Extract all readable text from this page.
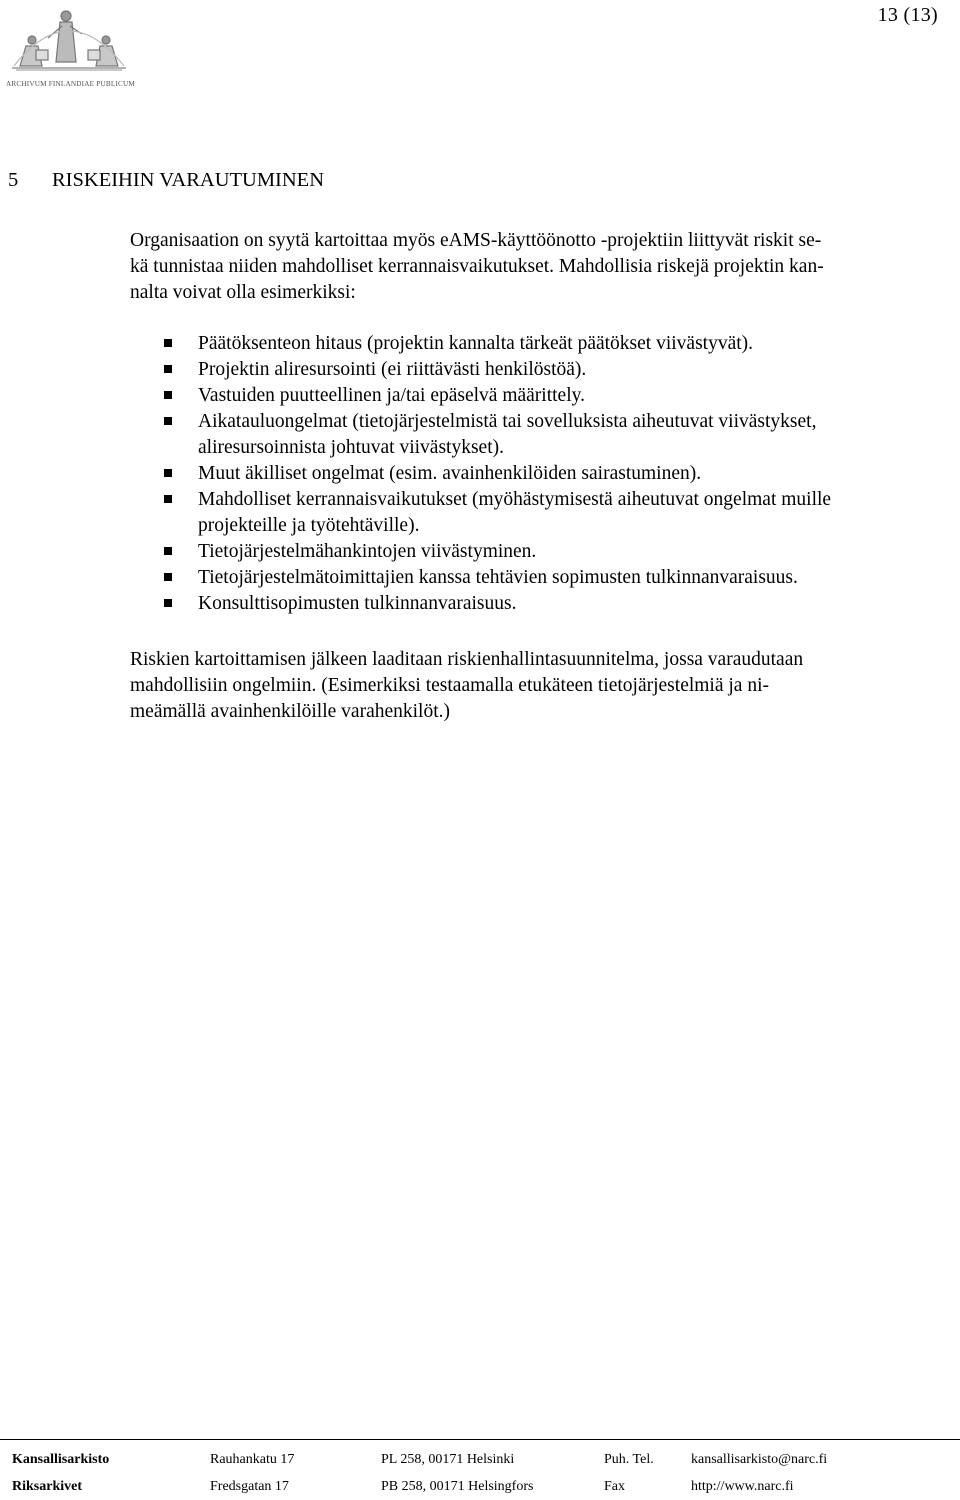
ARCHIVUM FINLANDIAE PUBLICUM
13 (13)
5 RISKEIHIN VARAUTUMINEN

Organisaation on syytä kartoittaa myös eAMS-käyttöönotto -projektiin liittyvät riskit se-
kä tunnistaa niiden mahdolliset kerrannaisvaikutukset. Mahdollisia riskejä projektin kan-
nalta voivat olla esimerkiksi:

Päätöksenteon hitaus (projektin kannalta tärkeät päätökset viivästyvät).
Projektin aliresursointi (ei riittävästi henkilöstöä).
Vastuiden puutteellinen ja/tai epäselvä määrittely.
Aikatauluongelmat (tietojärjestelmistä tai sovelluksista aiheutuvat viivästykset,
aliresursoinnista johtuvat viivästykset).
Muut äkilliset ongelmat (esim. avainhenkilöiden sairastuminen).
Mahdolliset kerrannaisvaikutukset (myöhästymisestä aiheutuvat ongelmat muille
projekteille ja työtehtäville).
Tietojärjestelmähankintojen viivästyminen.
Tietojärjestelmätoimittajien kanssa tehtävien sopimusten tulkinnanvaraisuus.
Konsulttisopimusten tulkinnanvaraisuus.

Riskien kartoittamisen jälkeen laaditaan riskienhallintasuunnitelma, jossa varaudutaan
mahdollisiin ongelmiin. (Esimerkiksi testaamalla etukäteen tietojärjestelmiä ja ni-
meämällä avainhenkilöille varahenkilöt.)

Kansallisarkisto	Rauhankatu 17	PL 258, 00171 Helsinki	Puh. Tel.	kansallisarkisto@narc.fi
Riksarkivet	Fredsgatan 17	PB 258, 00171 Helsingfors	Fax	http://www.narc.fi
